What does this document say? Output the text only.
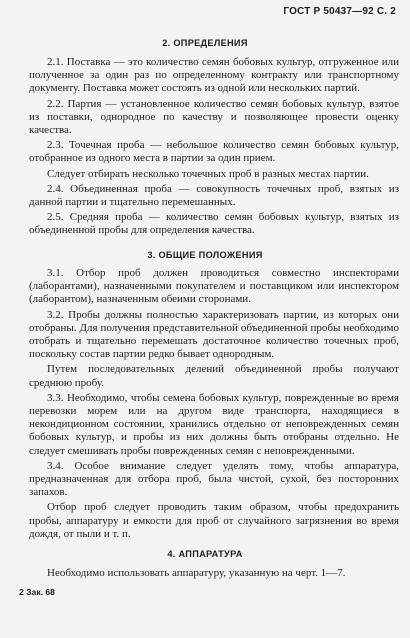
ГОСТ Р 50437—92 С. 2
2. ОПРЕДЕЛЕНИЯ

2.1. Поставка — это количество семян бобовых культур, отгруженное или полученное за один раз по определенному контракту или транспортному документу. Поставка может состоять из одной или нескольких партий.

2.2. Партия — установленное количество семян бобовых культур, взятое из поставки, однородное по качеству и позволяющее провести оценку качества.

2.3. Точечная проба — небольшое количество семян бобовых культур, отобранное из одного места в партии за один прием.

Следует отбирать несколько точечных проб в разных местах партии.

2.4. Объединенная проба — совокупность точечных проб, взятых из данной партии и тщательно перемешанных.

2.5. Средняя проба — количество семян бобовых культур, взятых из объединенной пробы для определения качества.

3. ОБЩИЕ ПОЛОЖЕНИЯ

3.1. Отбор проб должен проводиться совместно инспекторами (лаборантами), назначенными покупателем и поставщиком или инспектором (лаборантом), назначенным обеими сторонами.

3.2. Пробы должны полностью характеризовать партии, из которых они отобраны. Для получения представительной объединенной пробы необходимо отобрать и тщательно перемешать достаточное количество точечных проб, поскольку состав партии редко бывает однородным.

Путем последовательных делений объединенной пробы получают среднюю пробу.

3.3. Необходимо, чтобы семена бобовых культур, поврежденные во время перевозки морем или на другом виде транспорта, находящиеся в некондиционном состоянии, хранились отдельно от неповрежденных семян бобовых культур, и пробы из них должны быть отобраны отдельно. Не следует смешивать пробы поврежденных семян с неповрежденными.

3.4. Особое внимание следует уделять тому, чтобы аппаратура, предназначенная для отбора проб, была чистой, сухой, без посторонних запахов.

Отбор проб следует проводить таким образом, чтобы предохранить пробы, аппаратуру и емкости для проб от случайного загрязнения во время дождя, от пыли и т. п.

4. АППАРАТУРА

Необходимо использовать аппаратуру, указанную на черт. 1—7.

2 Зак. 68
